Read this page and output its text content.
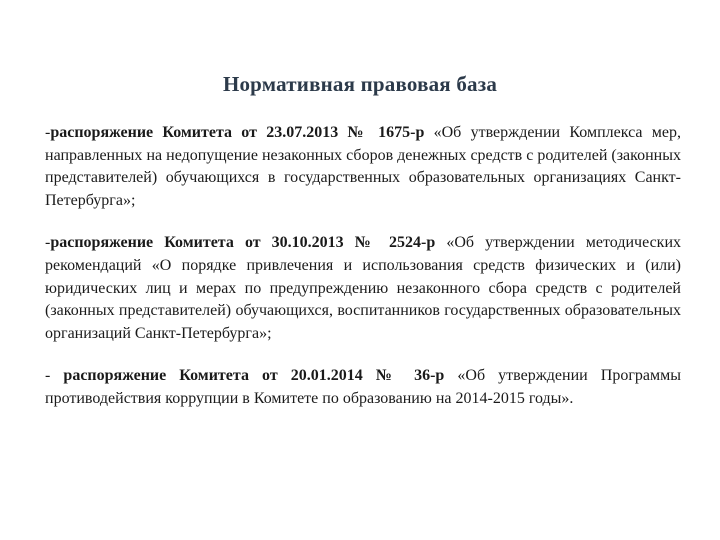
Нормативная правовая база

-распоряжение Комитета от 23.07.2013 № 1675-р «Об утверждении Комплекса мер, направленных на недопущение незаконных сборов денежных средств с родителей (законных представителей) обучающихся в государственных образовательных организациях Санкт-Петербурга»;

-распоряжение Комитета от 30.10.2013 № 2524-р «Об утверждении методических рекомендаций «О порядке привлечения и использования средств физических и (или) юридических лиц и мерах по предупреждению незаконного сбора средств с родителей (законных представителей) обучающихся, воспитанников государственных образовательных организаций Санкт-Петербурга»;

- распоряжение Комитета от 20.01.2014 № 36-р «Об утверждении Программы противодействия коррупции в Комитете по образованию на 2014-2015 годы».
